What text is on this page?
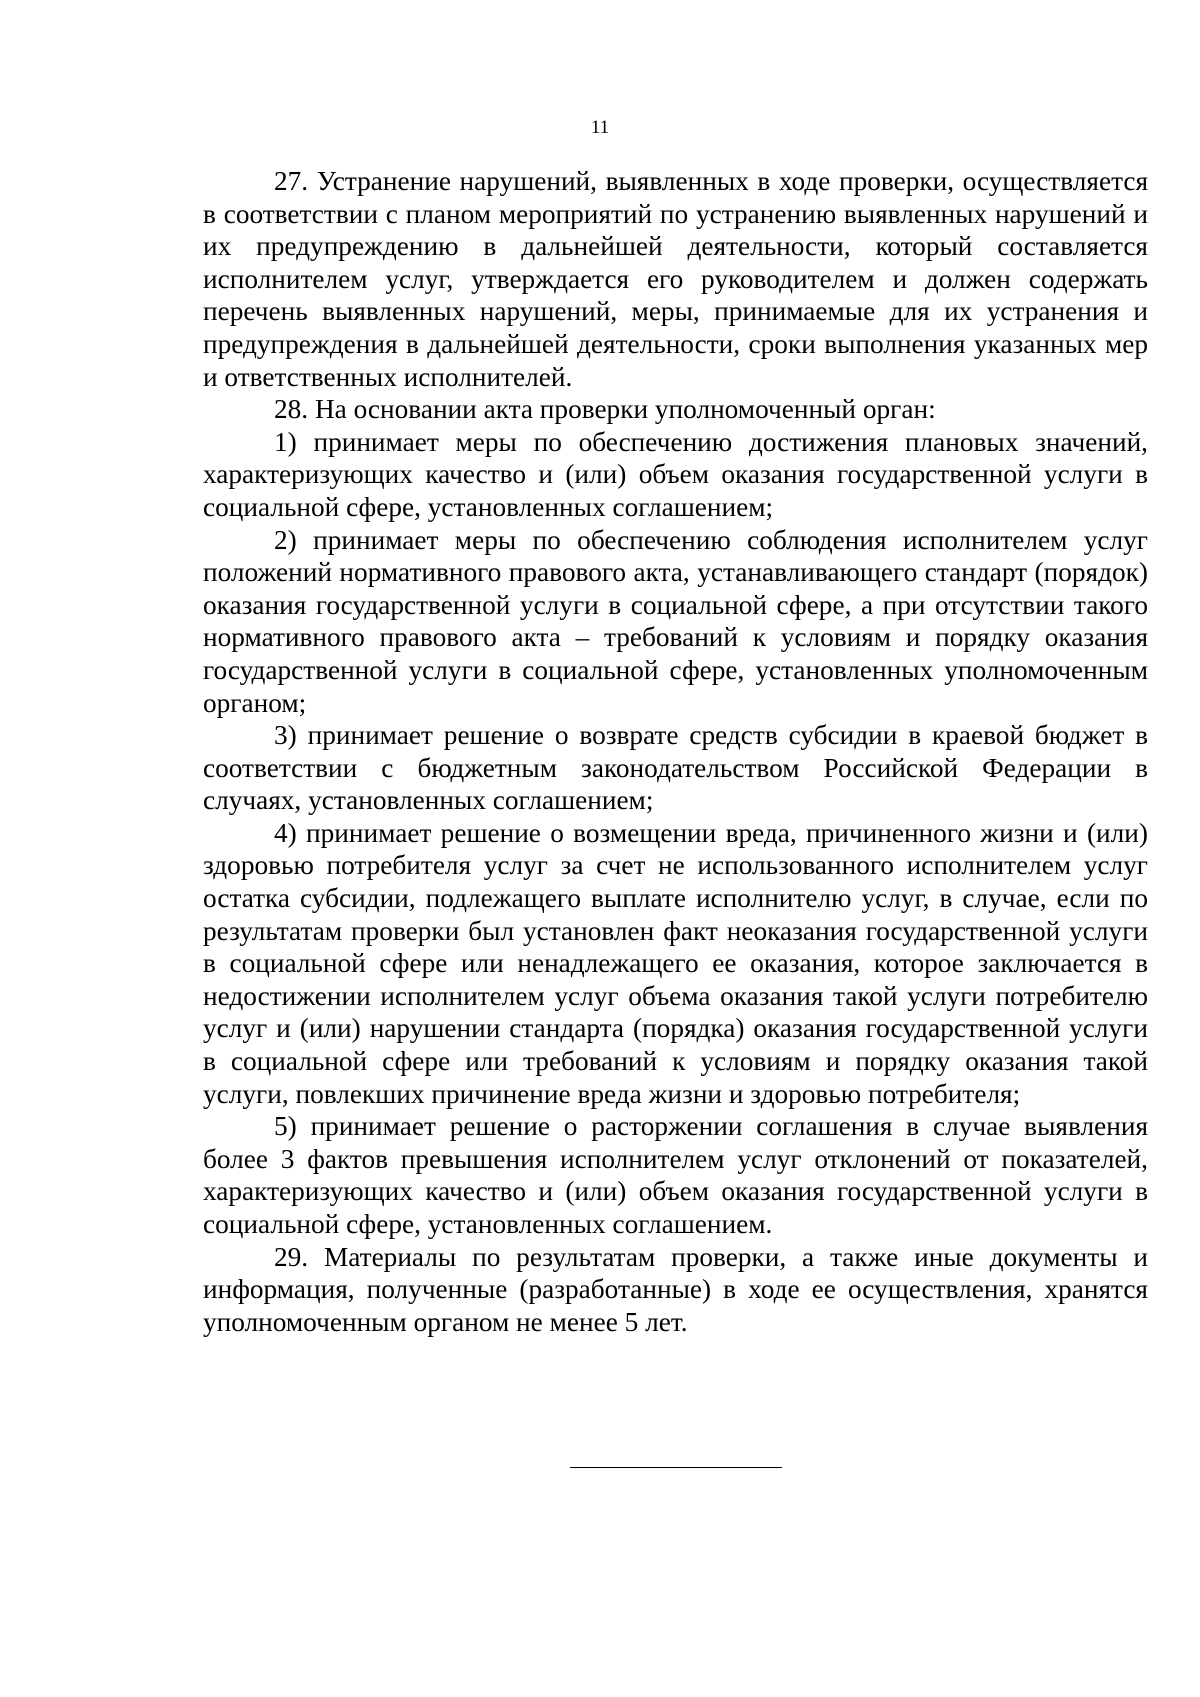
11

27. Устранение нарушений, выявленных в ходе проверки, осуществляется в соответствии с планом мероприятий по устранению выявленных нарушений и их предупреждению в дальнейшей деятельности, который составляется исполнителем услуг, утверждается его руководителем и должен содержать перечень выявленных нарушений, меры, принимаемые для их устранения и предупреждения в дальнейшей деятельности, сроки выполнения указанных мер и ответственных исполнителей.

28. На основании акта проверки уполномоченный орган:

1) принимает меры по обеспечению достижения плановых значений, характеризующих качество и (или) объем оказания государственной услуги в социальной сфере, установленных соглашением;

2) принимает меры по обеспечению соблюдения исполнителем услуг положений нормативного правового акта, устанавливающего стандарт (порядок) оказания государственной услуги в социальной сфере, а при отсутствии такого нормативного правового акта – требований к условиям и порядку оказания государственной услуги в социальной сфере, установленных уполномоченным органом;

3) принимает решение о возврате средств субсидии в краевой бюджет в соответствии с бюджетным законодательством Российской Федерации в случаях, установленных соглашением;

4) принимает решение о возмещении вреда, причиненного жизни и (или) здоровью потребителя услуг за счет не использованного исполнителем услуг остатка субсидии, подлежащего выплате исполнителю услуг, в случае, если по результатам проверки был установлен факт неоказания государственной услуги в социальной сфере или ненадлежащего ее оказания, которое заключается в недостижении исполнителем услуг объема оказания такой услуги потребителю услуг и (или) нарушении стандарта (порядка) оказания государственной услуги в социальной сфере или требований к условиям и порядку оказания такой услуги, повлекших причинение вреда жизни и здоровью потребителя;

5) принимает решение о расторжении соглашения в случае выявления более 3 фактов превышения исполнителем услуг отклонений от показателей, характеризующих качество и (или) объем оказания государственной услуги в социальной сфере, установленных соглашением.

29. Материалы по результатам проверки, а также иные документы и информация, полученные (разработанные) в ходе ее осуществления, хранятся уполномоченным органом не менее 5 лет.
